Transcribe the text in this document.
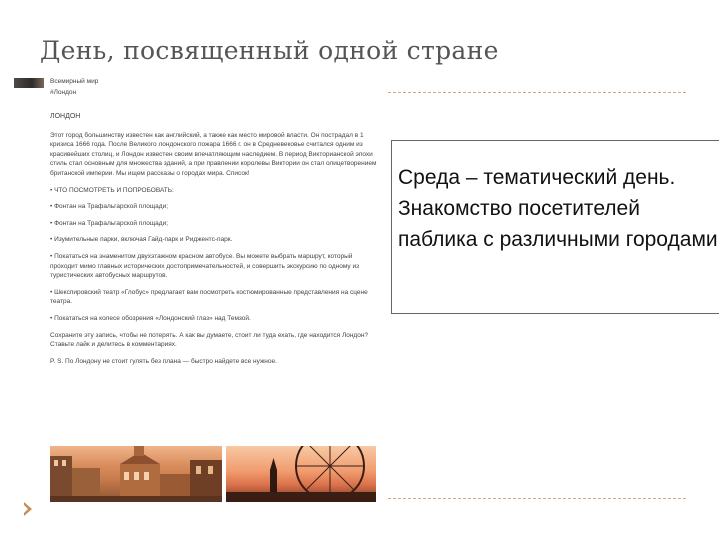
День, посвященный одной стране
Всемирный мир
#Лондон

ЛОНДОН

Этот город большинству известен как английский, а также как место мировой власти. Он пострадал в 1 кризиса 1666 года. После Великого лондонского пожара 1666 г. он в Средневековье считался одним из красивейших столиц, и Лондон известен своим впечатляющим наследием. В период Викторианской эпохи стиль стал основным для множества зданий, а при правлении королевы Виктории он стал олицетворением британской империи. Мы ищем рассказы о городах мира. Список!

• ЧТО ПОСМОТРЕТЬ И ПОПРОБОВАТЬ:

• Фонтан на Трафальгарской площади;

• Фонтан на Трафальгарской площади;

• Изумительные парки, включая Гайд-парк и Риджентс-парк.

• Покататься на знаменитом двухэтажном красном автобусе. Вы можете выбрать маршрут, который проходит мимо главных исторических достопримечательностей, и совершить экскурсию по одному из туристических автобусных маршрутов.

• Шекспировский театр «Глобус» предлагает вам посмотреть костюмированные представления на сцене театра.

• Покататься на колесе обозрения «Лондонский глаз» над Темзой.

Сохраните эту запись, чтобы не потерять. А как вы думаете, стоит ли туда ехать, где находится Лондон? Ставьте лайк и делитесь в комментариях.

P. S. По Лондону не стоит гулять без плана — быстро найдете все нужное.

Среда – тематический день. Знакомство посетителей паблика с различными городами
